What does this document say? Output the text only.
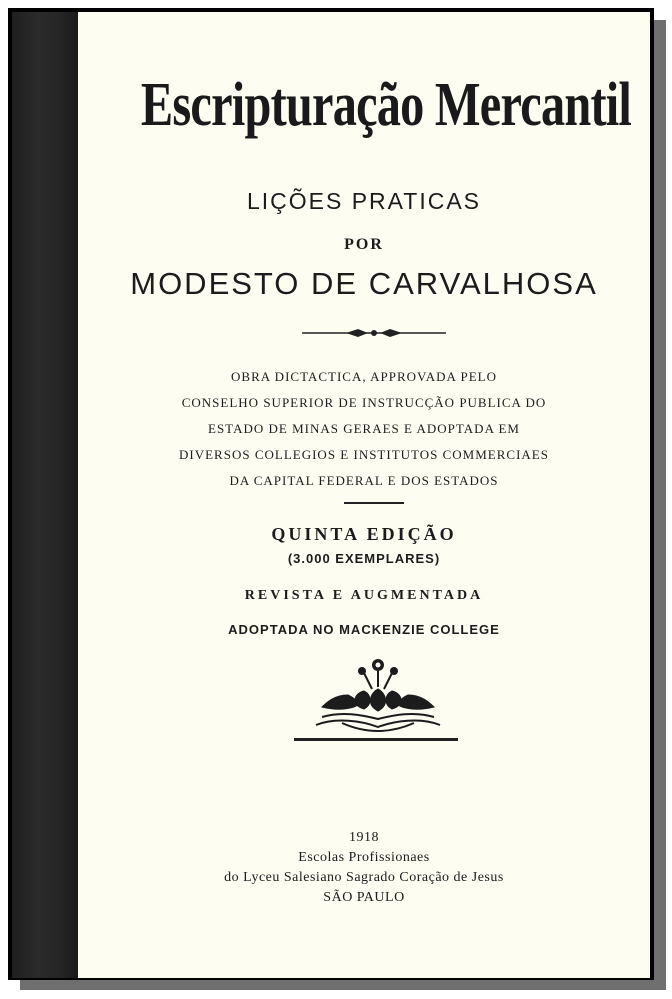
Escripturação Mercantil
LIÇÕES PRATICAS
POR
MODESTO DE CARVALHOSA
OBRA DICTACTICA, APPROVADA PELO
CONSELHO SUPERIOR DE INSTRUCÇÃO PUBLICA DO
ESTADO DE MINAS GERAES E ADOPTADA EM
DIVERSOS COLLEGIOS E INSTITUTOS COMMERCIAES
DA CAPITAL FEDERAL E DOS ESTADOS
QUINTA EDIÇÃO
(3.000 EXEMPLARES)
REVISTA E AUGMENTADA
ADOPTADA NO MACKENZIE COLLEGE
1918
Escolas Profissionaes
do Lyceu Salesiano Sagrado Coração de Jesus
SÃO PAULO
